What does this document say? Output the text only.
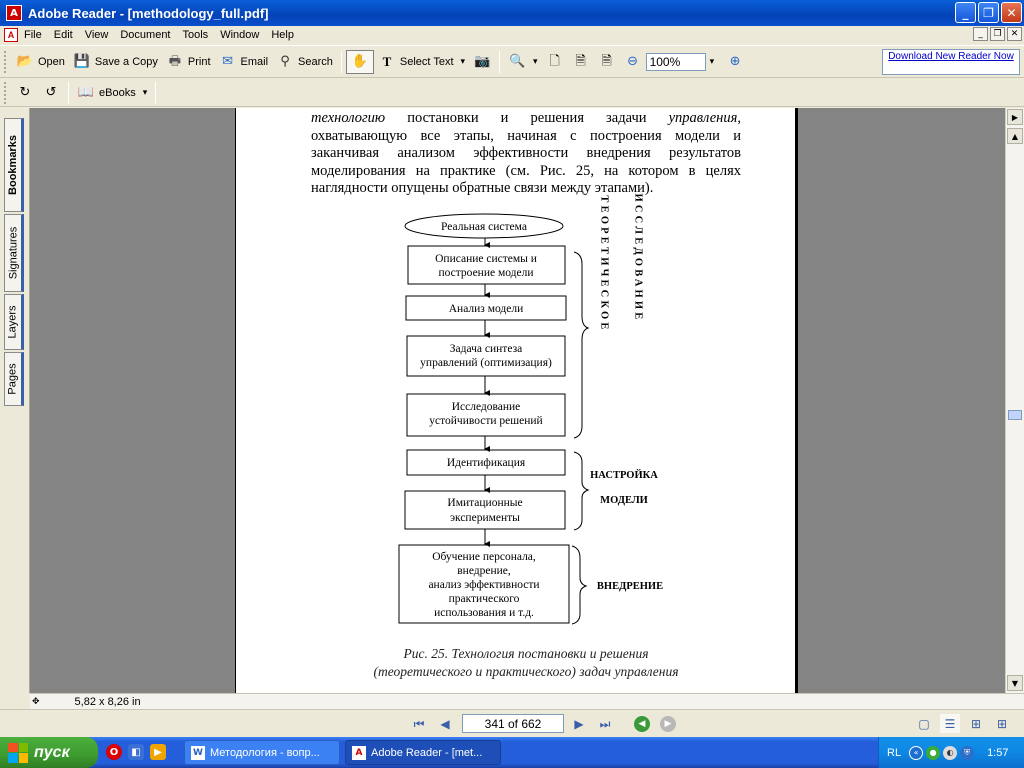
A Adobe Reader - [methodology_full.pdf]	_	❐	✕
A File	Edit	View	Document	Tools	Window	Help	_	❐	✕
📂 Open 💾 Save a Copy 🖶 Print ✉ Email ⚲ Search ✋	T Select Text ▾ 📷 🔍 ▾ 🗋 🗎 🗎 ⊖ 100%	▾ ⊕	Download New Reader Now
↻ ↺ 📖 eBooks ▾
Bookmarks
Signatures
Layers
Pages
технологию постановки и решения задачи управления, охватывающую все этапы, начиная с построения модели и заканчивая анализом эффективности внедрения результатов моделирования на практике (см. Рис. 25, на котором в целях наглядности опущены обратные связи между этапами).
Реальная система
Описание системы и
построение модели
Анализ модели
Задача синтеза
управлений (оптимизация)
Исследование
устойчивости решений
Идентификация
Имитационные
эксперименты
Обучение персонала,
внедрение,
анализ эффективности
практического
использования и т.д.
ТЕОРЕТИЧЕСКОЕ ИССЛЕДОВАНИЕ
НАСТРОЙКА
МОДЕЛИ
ВНЕДРЕНИЕ
Рис. 25. Технология постановки и решения
(теоретического и практического) задач управления
▶
▲
▼
✥	5,82 x 8,26 in
⏮	◀	341 of 662	▶	⏭	◀	▶	▢	☰	⊞	⊞
пуск	O	◧	▶	W Методология - вопр...	A Adobe Reader - [met...	RL	«	●	◐	⛨	1:57
